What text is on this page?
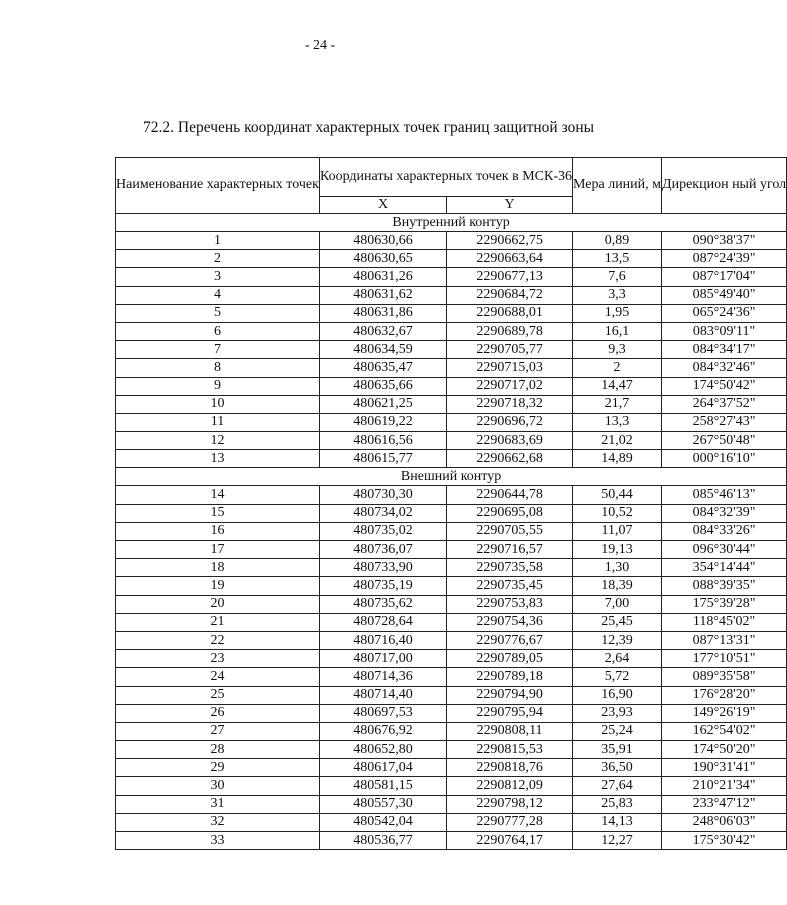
- 24 -
72.2. Перечень координат характерных точек границ защитной зоны
Наименование характерных точек	Координаты характерных точек в МСК-36		Мера линий, м	Дирекцион ный угол
	X	Y		
Внутренний контур				
1	480630,66	2290662,75	0,89	090°38'37"
2	480630,65	2290663,64	13,5	087°24'39"
3	480631,26	2290677,13	7,6	087°17'04"
4	480631,62	2290684,72	3,3	085°49'40"
5	480631,86	2290688,01	1,95	065°24'36"
6	480632,67	2290689,78	16,1	083°09'11"
7	480634,59	2290705,77	9,3	084°34'17"
8	480635,47	2290715,03	2	084°32'46"
9	480635,66	2290717,02	14,47	174°50'42"
10	480621,25	2290718,32	21,7	264°37'52"
11	480619,22	2290696,72	13,3	258°27'43"
12	480616,56	2290683,69	21,02	267°50'48"
13	480615,77	2290662,68	14,89	000°16'10"
Внешний контур				
14	480730,30	2290644,78	50,44	085°46'13"
15	480734,02	2290695,08	10,52	084°32'39"
16	480735,02	2290705,55	11,07	084°33'26"
17	480736,07	2290716,57	19,13	096°30'44"
18	480733,90	2290735,58	1,30	354°14'44"
19	480735,19	2290735,45	18,39	088°39'35"
20	480735,62	2290753,83	7,00	175°39'28"
21	480728,64	2290754,36	25,45	118°45'02"
22	480716,40	2290776,67	12,39	087°13'31"
23	480717,00	2290789,05	2,64	177°10'51"
24	480714,36	2290789,18	5,72	089°35'58"
25	480714,40	2290794,90	16,90	176°28'20"
26	480697,53	2290795,94	23,93	149°26'19"
27	480676,92	2290808,11	25,24	162°54'02"
28	480652,80	2290815,53	35,91	174°50'20"
29	480617,04	2290818,76	36,50	190°31'41"
30	480581,15	2290812,09	27,64	210°21'34"
31	480557,30	2290798,12	25,83	233°47'12"
32	480542,04	2290777,28	14,13	248°06'03"
33	480536,77	2290764,17	12,27	175°30'42"
